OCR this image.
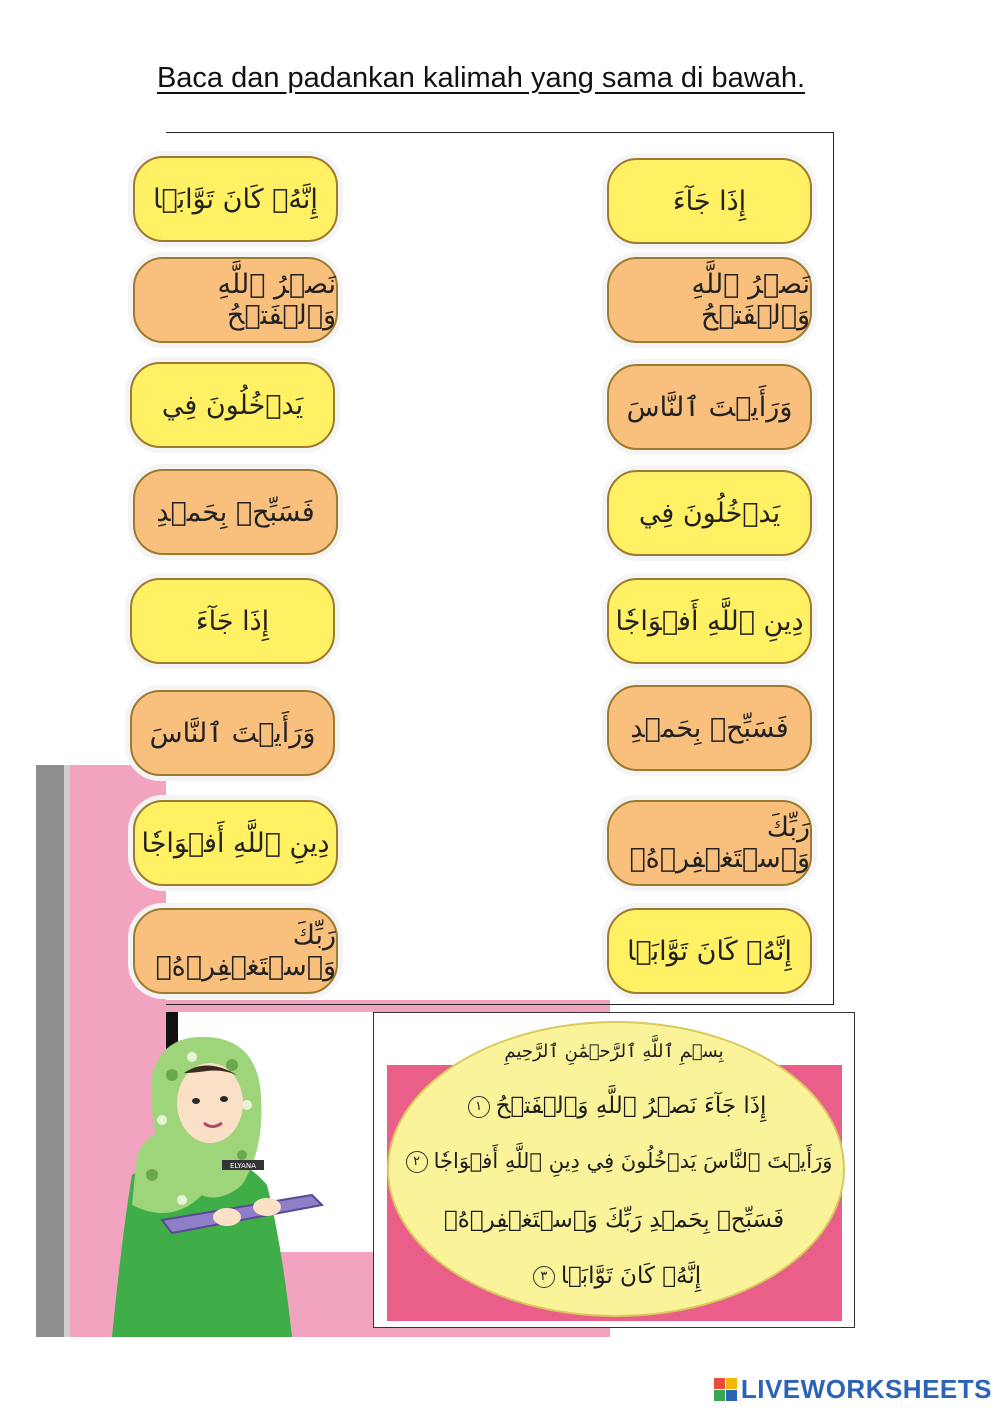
Baca dan padankan kalimah yang sama di bawah.
إِنَّهُۥ كَانَ تَوَّابَۢا
نَصۡرُ ٱللَّهِ وَٱلۡفَتۡحُ
يَدۡخُلُونَ فِي
فَسَبِّحۡ بِحَمۡدِ
إِذَا جَآءَ
وَرَأَيۡتَ ٱلنَّاسَ
دِينِ ٱللَّهِ أَفۡوَاجٗا
رَبِّكَ وَٱسۡتَغۡفِرۡهُۚ
إِذَا جَآءَ
نَصۡرُ ٱللَّهِ وَٱلۡفَتۡحُ
وَرَأَيۡتَ ٱلنَّاسَ
يَدۡخُلُونَ فِي
دِينِ ٱللَّهِ أَفۡوَاجٗا
فَسَبِّحۡ بِحَمۡدِ
رَبِّكَ وَٱسۡتَغۡفِرۡهُۚ
إِنَّهُۥ كَانَ تَوَّابَۢا
ELYANA
بِسۡمِ ٱللَّهِ ٱلرَّحۡمَٰنِ ٱلرَّحِيمِ
إِذَا جَآءَ نَصۡرُ ٱللَّهِ وَٱلۡفَتۡحُ١
وَرَأَيۡتَ ٱلنَّاسَ يَدۡخُلُونَ فِي دِينِ ٱللَّهِ أَفۡوَاجٗا٢
فَسَبِّحۡ بِحَمۡدِ رَبِّكَ وَٱسۡتَغۡفِرۡهُۚ
إِنَّهُۥ كَانَ تَوَّابَۢا٣
LIVEWORKSHEETS
